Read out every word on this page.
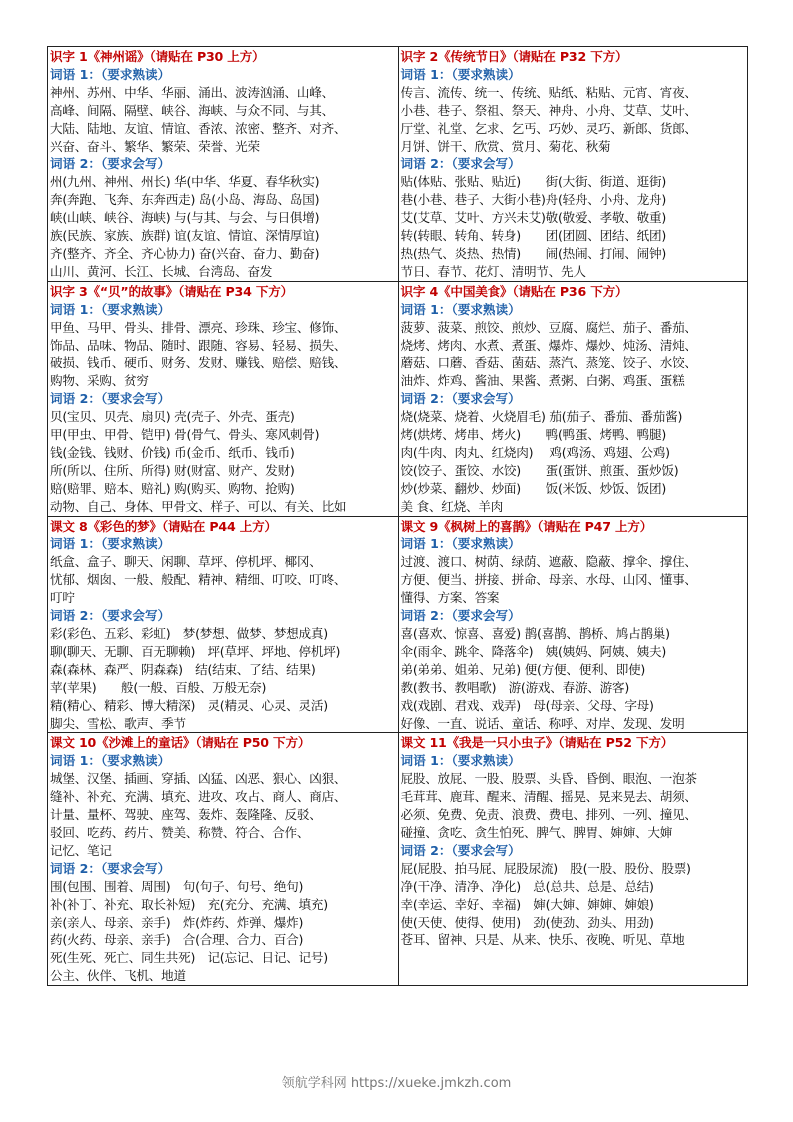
识字 1《神州谣》（请贴在 P30 上方）
词语 1：（要求熟读）
神州、苏州、中华、华丽、涌出、波涛汹涌、山峰、
高峰、间隔、隔壁、峡谷、海峡、与众不同、与其、
大陆、陆地、友谊、情谊、香浓、浓密、整齐、对齐、
兴奋、奋斗、繁华、繁荣、荣誉、光荣
词语 2：（要求会写）
州(九州、神州、州长) 华(中华、华夏、春华秋实)
奔(奔跑、飞奔、东奔西走) 岛(小岛、海岛、岛国)
峡(山峡、峡谷、海峡) 与(与其、与会、与日俱增)
族(民族、家族、族群) 谊(友谊、情谊、深情厚谊)
齐(整齐、齐全、齐心协力) 奋(兴奋、奋力、勤奋)
山川、黄河、长江、长城、台湾岛、奋发
识字 2《传统节日》（请贴在 P32 下方）
词语 1：（要求熟读）
传言、流传、统一、传统、贴纸、粘贴、元宵、宵夜、
小巷、巷子、祭祖、祭天、神舟、小舟、艾草、艾叶、
厅堂、礼堂、乞求、乞丐、巧妙、灵巧、新郎、货郎、
月饼、饼干、欣赏、赏月、菊花、秋菊
词语 2：（要求会写）
贴(体贴、张贴、贴近)　　街(大街、街道、逛街)
巷(小巷、巷子、大街小巷)舟(轻舟、小舟、龙舟)
艾(艾草、艾叶、方兴未艾)敬(敬爱、孝敬、敬重)
转(转眼、转角、转身)　　团(团圆、团结、纸团)
热(热气、炎热、热情)　　闹(热闹、打闹、闹钟)
节日、春节、花灯、清明节、先人
识字 3《“贝”的故事》（请贴在 P34 下方）
词语 1：（要求熟读）
甲鱼、马甲、骨头、排骨、漂亮、珍珠、珍宝、修饰、
饰品、品味、物品、随时、跟随、容易、轻易、损失、
破损、钱币、硬币、财务、发财、赚钱、赔偿、赔钱、
购物、采购、贫穷
词语 2：（要求会写）
贝(宝贝、贝壳、扇贝) 壳(壳子、外壳、蛋壳)
甲(甲虫、甲骨、铠甲) 骨(骨气、骨头、寒风刺骨)
钱(金钱、钱财、价钱) 币(金币、纸币、钱币)
所(所以、住所、所得) 财(财富、财产、发财)
赔(赔罪、赔本、赔礼) 购(购买、购物、抢购)
动物、自己、身体、甲骨文、样子、可以、有关、比如
识字 4《中国美食》（请贴在 P36 下方）
词语 1：（要求熟读）
菠萝、菠菜、煎饺、煎炒、豆腐、腐烂、茄子、番茄、
烧烤、烤肉、水煮、煮蛋、爆炸、爆炒、炖汤、清炖、
蘑菇、口蘑、香菇、菌菇、蒸汽、蒸笼、饺子、水饺、
油炸、炸鸡、酱油、果酱、煮粥、白粥、鸡蛋、蛋糕
词语 2：（要求会写）
烧(烧菜、烧着、火烧眉毛) 茄(茄子、番茄、番茄酱)
烤(烘烤、烤串、烤火)　　鸭(鸭蛋、烤鸭、鸭腿)
肉(牛肉、肉丸、红烧肉)　 鸡(鸡汤、鸡翅、公鸡)
饺(饺子、蛋饺、水饺)　　蛋(蛋饼、煎蛋、蛋炒饭)
炒(炒菜、翻炒、炒面)　　饭(米饭、炒饭、饭团)
美 食、红烧、羊肉
课文 8《彩色的梦》（请贴在 P44 上方）
词语 1：（要求熟读）
纸盒、盒子、聊天、闲聊、草坪、停机坪、椰冈、
忧郁、烟囱、一般、般配、精神、精细、叮咬、叮咚、
叮咛
词语 2：（要求会写）
彩(彩色、五彩、彩虹)　梦(梦想、做梦、梦想成真)
聊(聊天、无聊、百无聊赖)　坪(草坪、坪地、停机坪)
森(森林、森严、阴森森)　结(结束、了结、结果)
苹(苹果)　　般(一般、百般、万般无奈)
精(精心、精彩、博大精深)　灵(精灵、心灵、灵活)
脚尖、雪松、歌声、季节
课文 9《枫树上的喜鹊》（请贴在 P47 上方）
词语 1：（要求熟读）
过渡、渡口、树荫、绿荫、遮蔽、隐蔽、撑伞、撑住、
方便、便当、拼接、拼命、母亲、水母、山冈、懂事、
懂得、方案、答案
词语 2：（要求会写）
喜(喜欢、惊喜、喜爱) 鹊(喜鹊、鹊桥、鸠占鹊巢)
伞(雨伞、跳伞、降落伞)　姨(姨妈、阿姨、姨夫)
弟(弟弟、姐弟、兄弟) 便(方便、便利、即使)
教(教书、教唱歌)　游(游戏、春游、游客)
戏(戏剧、君戏、戏弄)　母(母亲、父母、字母)
好像、一直、说话、童话、称呼、对岸、发现、发明
课文 10《沙滩上的童话》（请贴在 P50 下方）
词语 1：（要求熟读）
城堡、汉堡、插画、穿插、凶猛、凶恶、狠心、凶狠、
缝补、补充、充满、填充、进攻、攻占、商人、商店、
计量、量杯、驾驶、座驾、轰炸、轰隆隆、反驳、
驳回、吃药、药片、赞美、称赞、符合、合作、
记忆、笔记
词语 2：（要求会写）
围(包围、围着、周围)　句(句子、句号、绝句)
补(补丁、补充、取长补短)　充(充分、充满、填充)
亲(亲人、母亲、亲手)　炸(炸药、炸弹、爆炸)
药(火药、母亲、亲手)　合(合理、合力、百合)
死(生死、死亡、同生共死)　记(忘记、日记、记号)
公主、伙伴、飞机、地道
课文 11《我是一只小虫子》（请贴在 P52 下方）
词语 1：（要求熟读）
屁股、放屁、一股、股票、头昏、昏倒、眼泡、一泡茶
毛茸茸、鹿茸、醒来、清醒、摇晃、晃来晃去、胡须、
必须、免费、免责、浪费、费电、排列、一列、撞见、
碰撞、贪吃、贪生怕死、脾气、脾胃、婶婶、大婶
词语 2：（要求会写）
屁(屁股、拍马屁、屁股尿流)　股(一股、股份、股票)
净(干净、清净、净化)　总(总共、总是、总结)
幸(幸运、幸好、幸福)　婶(大婶、婶婶、婶娘)
使(天使、使得、使用)　劲(使劲、劲头、用劲)
苍耳、留神、只是、从来、快乐、夜晚、听见、草地
领航学科网 https://xueke.jmkzh.com
